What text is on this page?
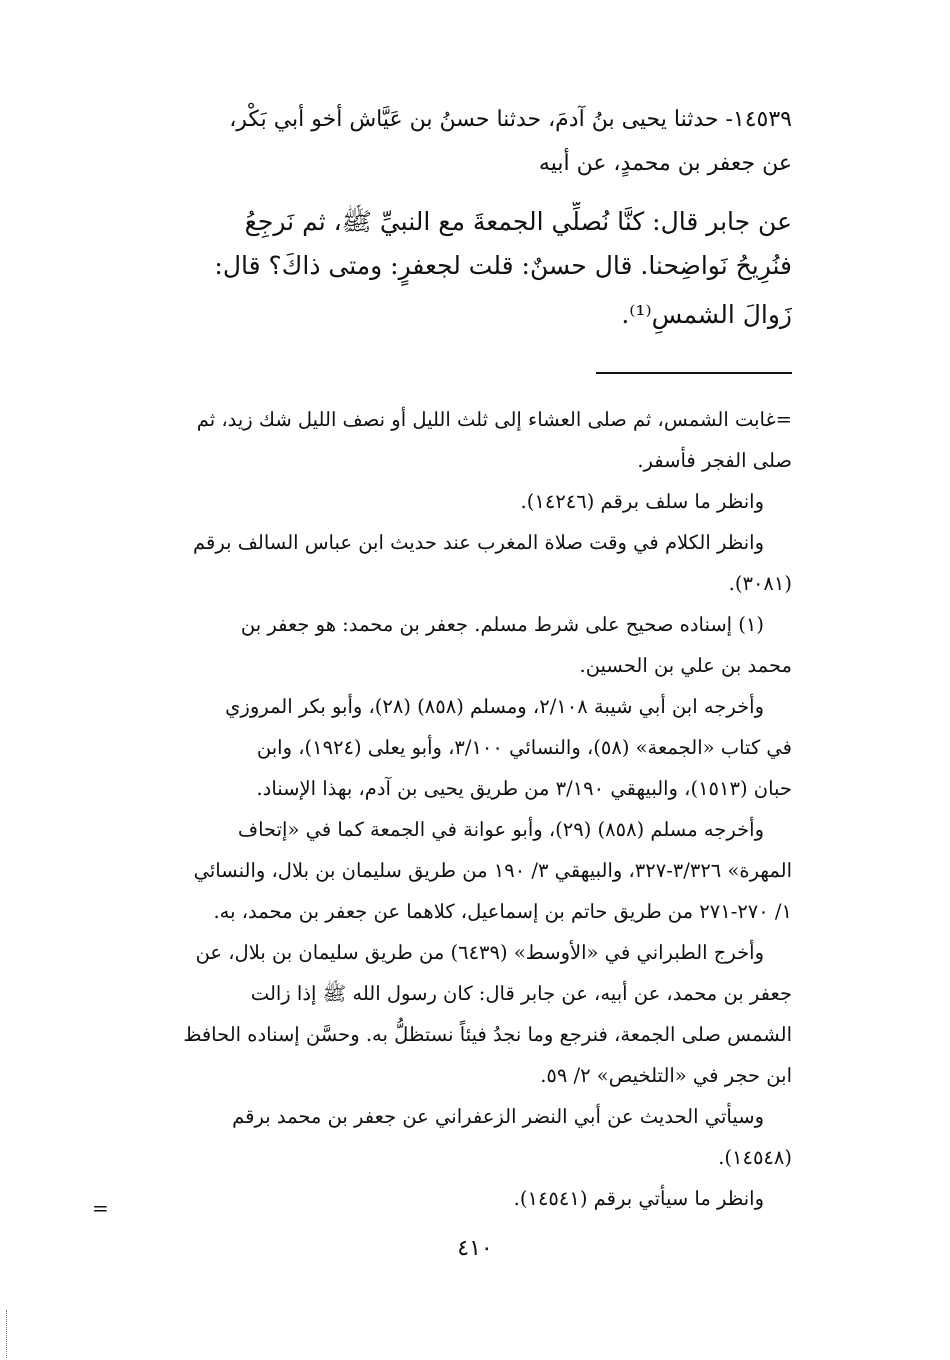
١٤٥٣٩- حدثنا يحيى بنُ آدمَ، حدثنا حسنُ بن عَيَّاش أخو أبي بَكْر،
عن جعفر بن محمدٍ، عن أبيه
عن جابر قال: كنَّا نُصلِّي الجمعةَ مع النبيِّ ﷺ، ثم نَرجِعُ
فنُرِيحُ نَواضِحنا. قال حسنٌ: قلت لجعفرٍ: ومتى ذاكَ؟ قال:
زَوالَ الشمسِ⁽¹⁾.
=غابت الشمس، ثم صلى العشاء إلى ثلث الليل أو نصف الليل شك زيد، ثم
صلى الفجر فأسفر.
وانظر ما سلف برقم (١٤٢٤٦).
وانظر الكلام في وقت صلاة المغرب عند حديث ابن عباس السالف برقم
(٣٠٨١).
(١) إسناده صحيح على شرط مسلم. جعفر بن محمد: هو جعفر بن
محمد بن علي بن الحسين.
وأخرجه ابن أبي شيبة ٢/١٠٨، ومسلم (٨٥٨) (٢٨)، وأبو بكر المروزي
في كتاب «الجمعة» (٥٨)، والنسائي ٣/١٠٠، وأبو يعلى (١٩٢٤)، وابن
حبان (١٥١٣)، والبيهقي ٣/١٩٠ من طريق يحيى بن آدم، بهذا الإسناد.
وأخرجه مسلم (٨٥٨) (٢٩)، وأبو عوانة في الجمعة كما في «إتحاف
المهرة» ٣/٣٢٦-٣٢٧، والبيهقي ٣/ ١٩٠ من طريق سليمان بن بلال، والنسائي
١/ ٢٧٠-٢٧١ من طريق حاتم بن إسماعيل، كلاهما عن جعفر بن محمد، به.
وأخرج الطبراني في «الأوسط» (٦٤٣٩) من طريق سليمان بن بلال، عن
جعفر بن محمد، عن أبيه، عن جابر قال: كان رسول الله ﷺ إذا زالت
الشمس صلى الجمعة، فنرجع وما نجدُ فيئاً نستظلُّ به. وحسَّن إسناده الحافظ
ابن حجر في «التلخيص» ٢/ ٥٩.
وسيأتي الحديث عن أبي النضر الزعفراني عن جعفر بن محمد برقم
(١٤٥٤٨).
وانظر ما سيأتي برقم (١٤٥٤١).
=
٤١٠
